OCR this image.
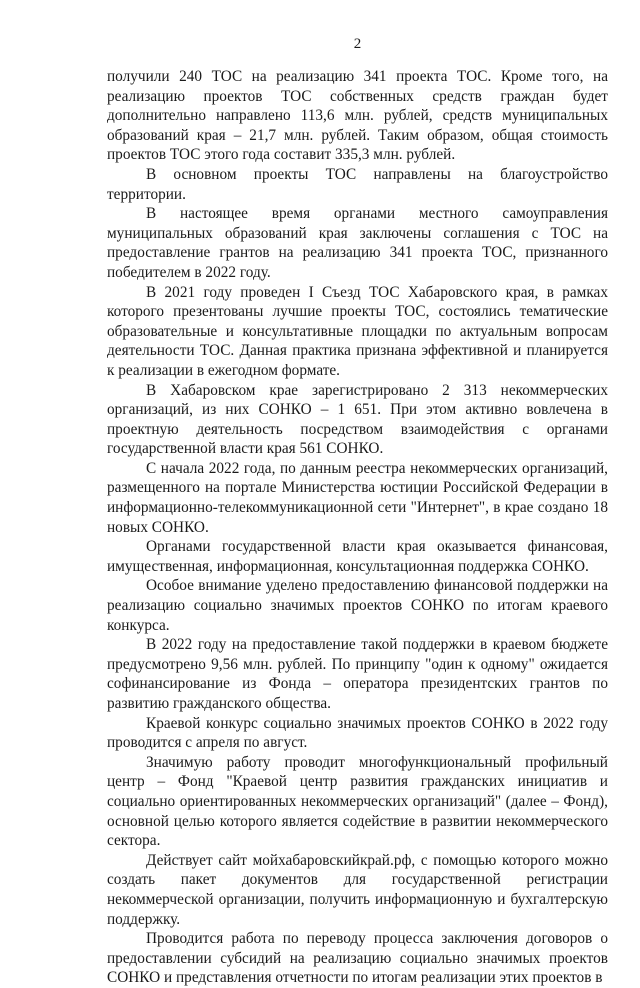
2

получили 240 ТОС на реализацию 341 проекта ТОС. Кроме того, на реализацию проектов ТОС собственных средств граждан будет дополнительно направлено 113,6 млн. рублей, средств муниципальных образований края – 21,7 млн. рублей. Таким образом, общая стоимость проектов ТОС этого года составит 335,3 млн. рублей.

В основном проекты ТОС направлены на благоустройство территории.

В настоящее время органами местного самоуправления муниципальных образований края заключены соглашения с ТОС на предоставление грантов на реализацию 341 проекта ТОС, признанного победителем в 2022 году.

В 2021 году проведен I Съезд ТОС Хабаровского края, в рамках которого презентованы лучшие проекты ТОС, состоялись тематические образовательные и консультативные площадки по актуальным вопросам деятельности ТОС. Данная практика признана эффективной и планируется к реализации в ежегодном формате.

В Хабаровском крае зарегистрировано 2 313 некоммерческих организаций, из них СОНКО – 1 651. При этом активно вовлечена в проектную деятельность посредством взаимодействия с органами государственной власти края 561 СОНКО.

С начала 2022 года, по данным реестра некоммерческих организаций, размещенного на портале Министерства юстиции Российской Федерации в информационно-телекоммуникационной сети "Интернет", в крае создано 18 новых СОНКО.

Органами государственной власти края оказывается финансовая, имущественная, информационная, консультационная поддержка СОНКО.

Особое внимание уделено предоставлению финансовой поддержки на реализацию социально значимых проектов СОНКО по итогам краевого конкурса.

В 2022 году на предоставление такой поддержки в краевом бюджете предусмотрено 9,56 млн. рублей. По принципу "один к одному" ожидается софинансирование из Фонда – оператора президентских грантов по развитию гражданского общества.

Краевой конкурс социально значимых проектов СОНКО в 2022 году проводится с апреля по август.

Значимую работу проводит многофункциональный профильный центр – Фонд "Краевой центр развития гражданских инициатив и социально ориентированных некоммерческих организаций" (далее – Фонд), основной целью которого является содействие в развитии некоммерческого сектора.

Действует сайт мойхабаровскийкрай.рф, с помощью которого можно создать пакет документов для государственной регистрации некоммерческой организации, получить информационную и бухгалтерскую поддержку.

Проводится работа по переводу процесса заключения договоров о предоставлении субсидий на реализацию социально значимых проектов СОНКО и представления отчетности по итогам реализации этих проектов в
